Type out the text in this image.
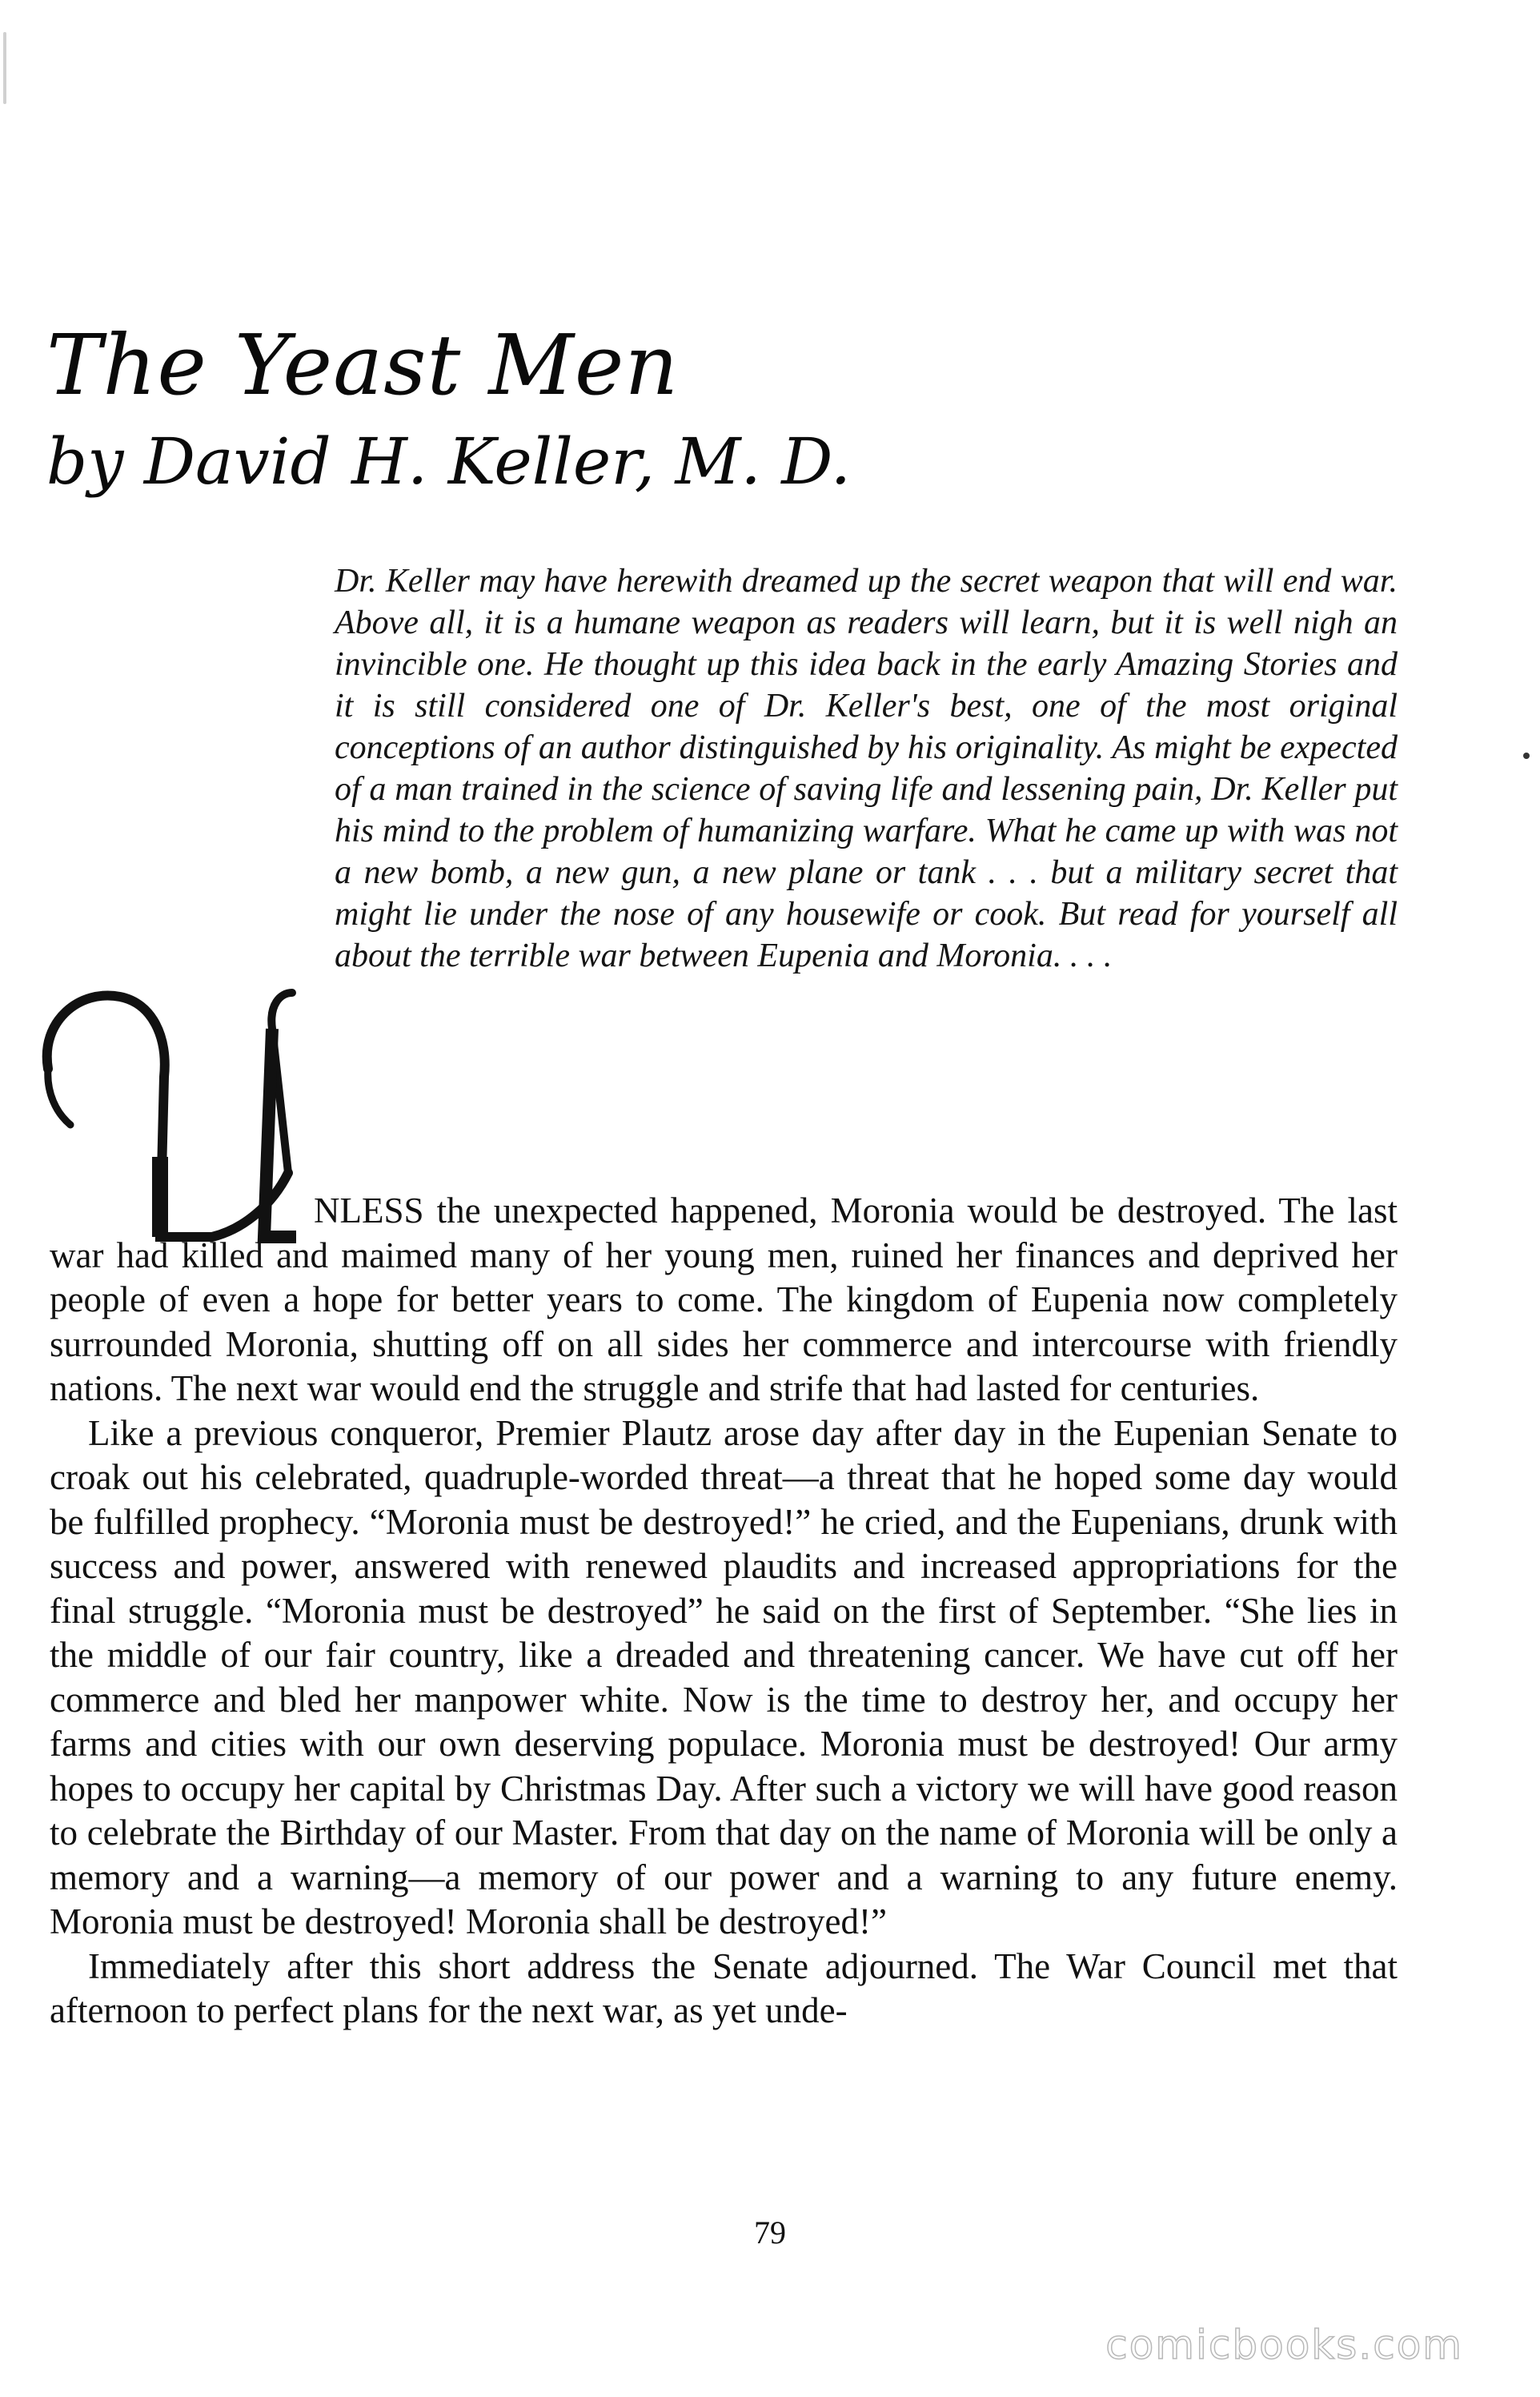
The Yeast Men
by David H. Keller, M. D.
Dr. Keller may have herewith dreamed up the secret weapon that will end war. Above all, it is a humane weapon as readers will learn, but it is well nigh an invincible one. He thought up this idea back in the early Amazing Stories and it is still considered one of Dr. Keller's best, one of the most original conceptions of an author distinguished by his originality. As might be expected of a man trained in the science of saving life and lessening pain, Dr. Keller put his mind to the problem of humanizing warfare. What he came up with was not a new bomb, a new gun, a new plane or tank . . . but a military secret that might lie under the nose of any housewife or cook. But read for yourself all about the terrible war between Eupenia and Moronia. . . .

NLESS the unexpected happened, Moronia would be destroyed. The last war had killed and maimed many of her young men, ruined her finances and deprived her people of even a hope for better years to come. The kingdom of Eupenia now completely surrounded Moronia, shutting off on all sides her commerce and intercourse with friendly nations. The next war would end the struggle and strife that had lasted for centuries.

Like a previous conqueror, Premier Plautz arose day after day in the Eupenian Senate to croak out his celebrated, quadruple-worded threat—a threat that he hoped some day would be fulfilled prophecy. “Moronia must be destroyed!” he cried, and the Eupenians, drunk with success and power, answered with renewed plaudits and increased appropriations for the final struggle. “Moronia must be destroyed” he said on the first of September. “She lies in the middle of our fair country, like a dreaded and threatening cancer. We have cut off her commerce and bled her manpower white. Now is the time to destroy her, and occupy her farms and cities with our own deserving populace. Moronia must be destroyed! Our army hopes to occupy her capital by Christmas Day. After such a victory we will have good reason to celebrate the Birthday of our Master. From that day on the name of Moronia will be only a memory and a warning—a memory of our power and a warning to any future enemy. Moronia must be destroyed! Moronia shall be destroyed!”

Immediately after this short address the Senate adjourned. The War Council met that afternoon to perfect plans for the next war, as yet unde-

79
comicbooks.com
